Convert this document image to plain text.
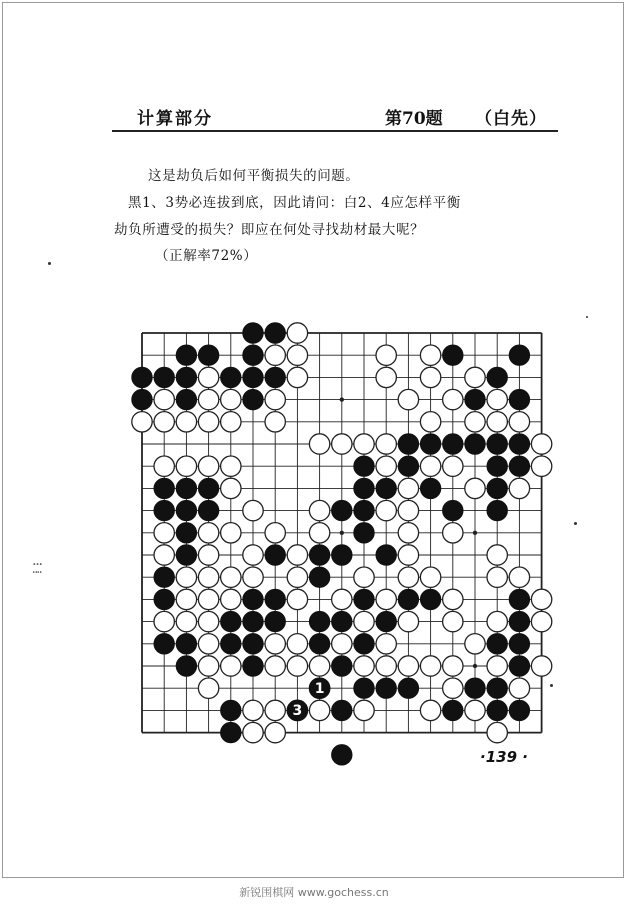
计算部分	第70题 （白先）
这是劫负后如何平衡损失的问题。
黑1、3势必连拔到底，因此请问：白2、4应怎样平衡
劫负所遭受的损失？即应在何处寻找劫材最大呢？
（正解率72%）
1
3
·139 ·
⁝ ⁞
新锐围棋网 www.gochess.cn
